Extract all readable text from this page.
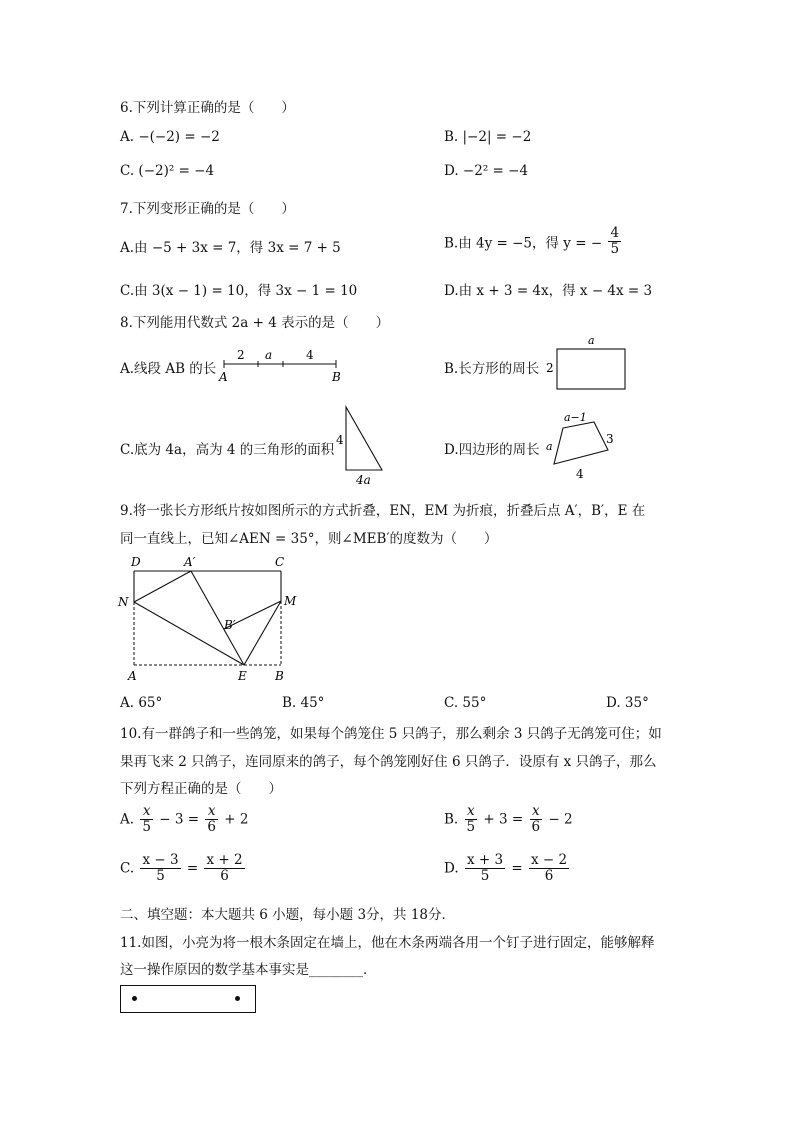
6.下列计算正确的是（　　）
A. −(−2) = −2	B. |−2| = −2
C. (−2)² = −4	D. −2² = −4
7.下列变形正确的是（　　）
A.由 −5 + 3x = 7，得 3x = 7 + 5	B.由 4y = −5，得 y = − $\frac{4}{5}$
C.由 3(x − 1) = 10，得 3x − 1 = 10	D.由 x + 3 = 4x，得 x − 4x = 3
8.下列能用代数式 2a + 4 表示的是（　　）
A.线段 AB 的长
2 a	4
A	B	B.长方形的周长
a
2
C.底为 4a，高为 4 的三角形的面积
4
4a
D.四边形的周长
a−1
a
3
4
9.将一张长方形纸片按如图所示的方式折叠，EN，EM 为折痕，折叠后点 A′，B′，E 在
同一直线上，已知∠AEN = 35°，则∠MEB′的度数为（　　）
D	A′	C
N	M
B′
A	E B
A. 65°	B. 45°	C. 55°	D. 35°
10.有一群鸽子和一些鸽笼，如果每个鸽笼住 5 只鸽子，那么剩余 3 只鸽子无鸽笼可住；如
果再飞来 2 只鸽子，连同原来的鸽子，每个鸽笼刚好住 6 只鸽子．设原有 x 只鸽子，那么
下列方程正确的是（　　）
A. $\frac{x}{5} - 3 = \frac{x}{6} + 2$	B. $\frac{x}{5} + 3 = \frac{x}{6} - 2$
C. $\frac{x - 3}{5} = \frac{x + 2}{6}$	D. $\frac{x + 3}{5} = \frac{x - 2}{6}$
二、填空题：本大题共 6 小题，每小题 3分，共 18分．
11.如图，小亮为将一根木条固定在墙上，他在木条两端各用一个钉子进行固定，能够解释
这一操作原因的数学基本事实是________．
